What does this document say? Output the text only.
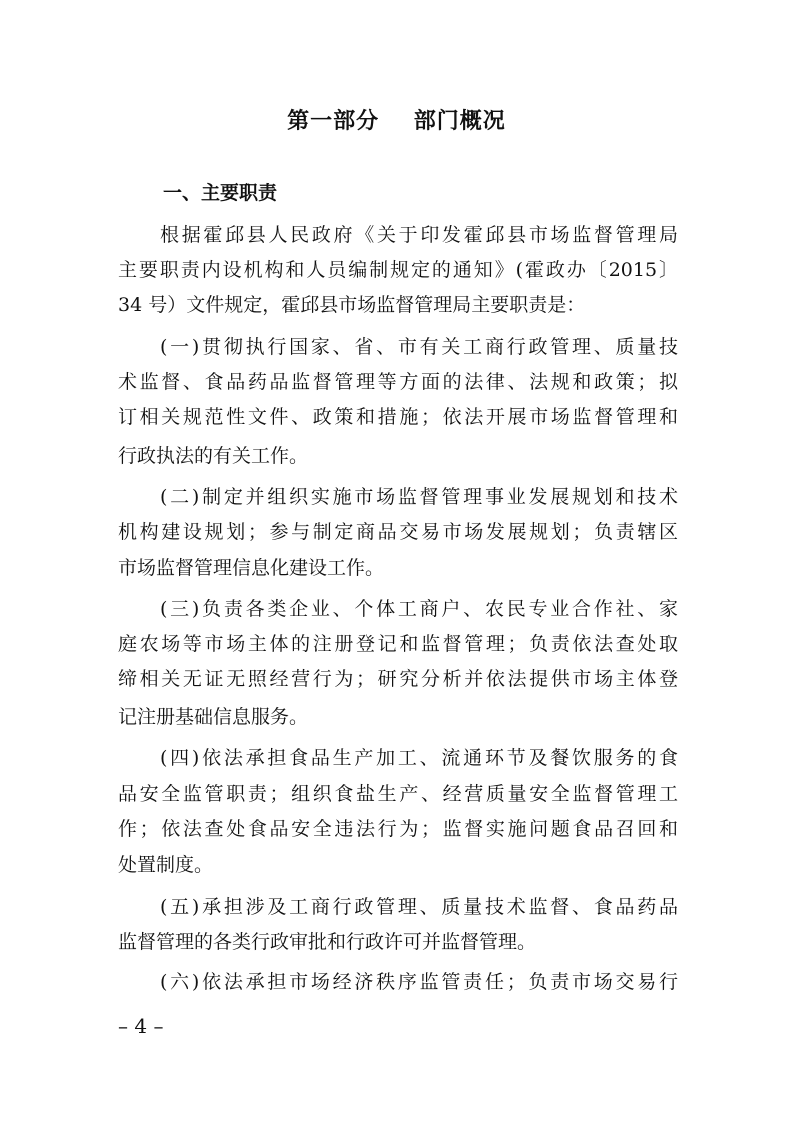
第一部分    部门概况
一、主要职责

根据霍邱县人民政府《关于印发霍邱县市场监督管理局

主要职责内设机构和人员编制规定的通知》(霍政办〔2015〕

34 号）文件规定，霍邱县市场监督管理局主要职责是：

(一)贯彻执行国家、省、市有关工商行政管理、质量技

术监督、食品药品监督管理等方面的法律、法规和政策；拟

订相关规范性文件、政策和措施；依法开展市场监督管理和

行政执法的有关工作。

(二)制定并组织实施市场监督管理事业发展规划和技术

机构建设规划；参与制定商品交易市场发展规划；负责辖区

市场监督管理信息化建设工作。

(三)负责各类企业、个体工商户、农民专业合作社、家

庭农场等市场主体的注册登记和监督管理；负责依法查处取

缔相关无证无照经营行为；研究分析并依法提供市场主体登

记注册基础信息服务。

(四)依法承担食品生产加工、流通环节及餐饮服务的食

品安全监管职责；组织食盐生产、经营质量安全监督管理工

作；依法查处食品安全违法行为；监督实施问题食品召回和

处置制度。

(五)承担涉及工商行政管理、质量技术监督、食品药品

监督管理的各类行政审批和行政许可并监督管理。

(六)依法承担市场经济秩序监管责任；负责市场交易行

– 4 –
